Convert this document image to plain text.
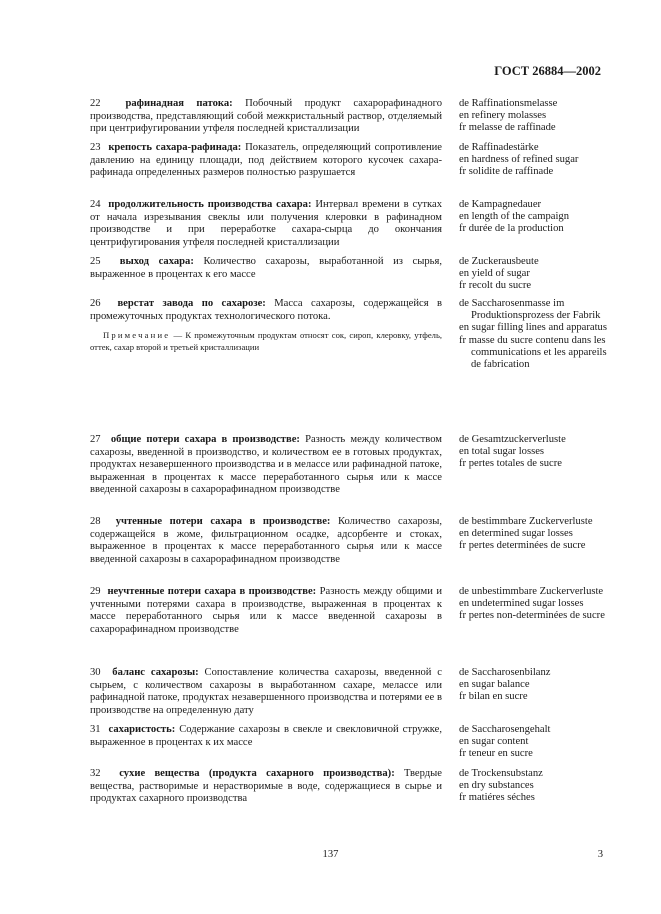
ГОСТ 26884—2002
22 рафинадная патока: Побочный продукт сахарорафинадного производства, представляющий собой межкристальный раствор, отделяемый при центрифугировании утфеля последней кристаллизации
de Raffinationsmelasse
en refinery molasses
fr melasse de raffinade
23 крепость сахара-рафинада: Показатель, определяющий сопротивление давлению на единицу площади, под действием которого кусочек сахара-рафинада определенных размеров полностью разрушается
de Raffinadestärke
en hardness of refined sugar
fr solidite de raffinade
24 продолжительность производства сахара: Интервал времени в сутках от начала изрезывания свеклы или получения клеровки в рафинадном производстве и при переработке сахара-сырца до окончания центрифугирования утфеля последней кристаллизации
de Kampagnedauer
en length of the campaign
fr durée de la production
25 выход сахара: Количество сахарозы, выработанной из сырья, выраженное в процентах к его массе
de Zuckerausbeute
en yield of sugar
fr recolt du sucre
26 верстат завода по сахарозе: Масса сахарозы, содержащейся в промежуточных продуктах технологического потока.
Примечание — К промежуточным продуктам относят сок, сироп, клеровку, утфель, оттек, сахар второй и третьей кристаллизации
de Saccharosenmasse im Produktionsprozess der Fabrik
en sugar filling lines and apparatus
fr masse du sucre contenu dans les communications et les appareils de fabrication
27 общие потери сахара в производстве: Разность между количеством сахарозы, введенной в производство, и количеством ее в готовых продуктах, продуктах незавершенного производства и в мелассе или рафинадной патоке, выраженная в процентах к массе переработанного сырья или к массе введенной сахарозы в сахарорафинадном производстве
de Gesamtzuckerverluste
en total sugar losses
fr pertes totales de sucre
28 учтенные потери сахара в производстве: Количество сахарозы, содержащейся в жоме, фильтрационном осадке, адсорбенте и стоках, выраженное в процентах к массе переработанного сырья или к массе введенной сахарозы в сахарорафинадном производстве
de bestimmbare Zuckerverluste
en determined sugar losses
fr pertes determinées de sucre
29 неучтенные потери сахара в производстве: Разность между общими и учтенными потерями сахара в производстве, выраженная в процентах к массе переработанного сырья или к массе введенной сахарозы в сахарорафинадном производстве
de unbestimmbare Zuckerverluste
en undetermined sugar losses
fr pertes non-determinées de sucre
30 баланс сахарозы: Сопоставление количества сахарозы, введенной с сырьем, с количеством сахарозы в выработанном сахаре, мелассе или рафинадной патоке, продуктах незавершенного производства и потерями ее в производстве на определенную дату
de Saccharosenbilanz
en sugar balance
fr bilan en sucre
31 сахаристость: Содержание сахарозы в свекле и свекловичной стружке, выраженное в процентах к их массе
de Saccharosengehalt
en sugar content
fr teneur en sucre
32 сухие вещества (продукта сахарного производства): Твердые вещества, растворимые и нерастворимые в воде, содержащиеся в сырье и продуктах сахарного производства
de Trockensubstanz
en dry substances
fr matiéres séches
137	3
